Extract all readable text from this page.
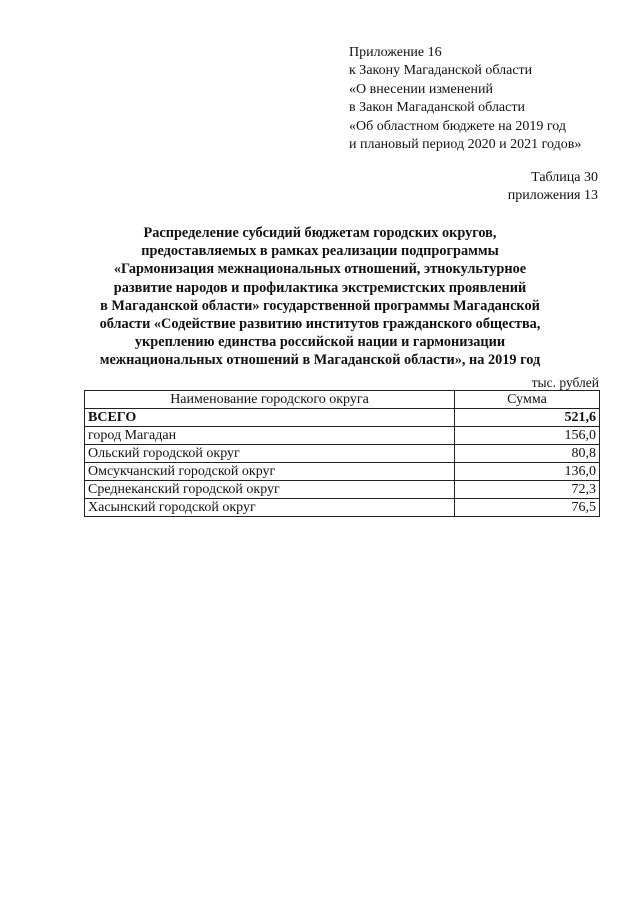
Приложение 16
к Закону Магаданской области
«О внесении изменений
в Закон Магаданской области
«Об областном бюджете на 2019 год
и плановый период 2020 и 2021 годов»
Таблица 30
приложения 13
Распределение субсидий бюджетам городских округов,
предоставляемых в рамках реализации подпрограммы
«Гармонизация межнациональных отношений, этнокультурное
развитие народов и профилактика экстремистских проявлений
в Магаданской области» государственной программы Магаданской
области «Содействие развитию институтов гражданского общества,
укреплению единства российской нации и гармонизации
межнациональных отношений в Магаданской области», на 2019 год
тыс. рублей
Наименование городского округа	Сумма
ВСЕГО	521,6
город Магадан	156,0
Ольский городской округ	80,8
Омсукчанский городской округ	136,0
Среднеканский городской округ	72,3
Хасынский городской округ	76,5
